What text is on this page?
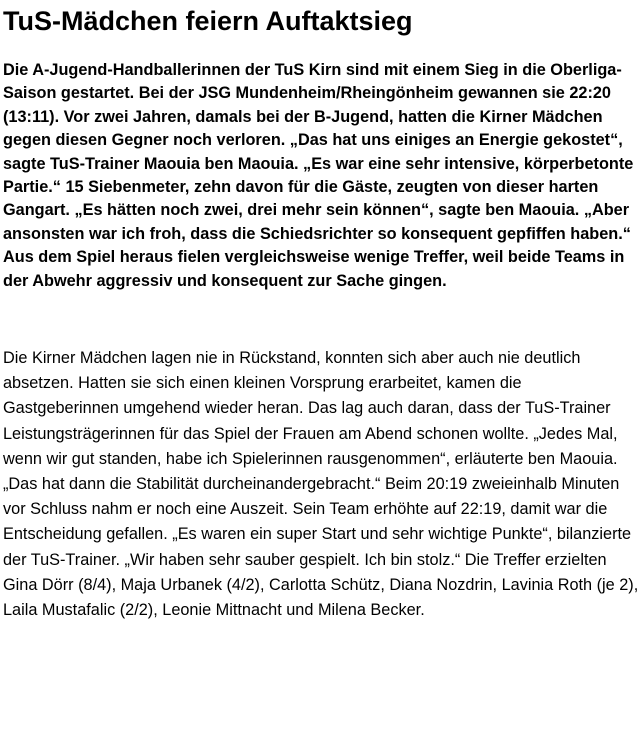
TuS-Mädchen feiern Auftaktsieg

Die A-Jugend-Handballerinnen der TuS Kirn sind mit einem Sieg in die Oberliga-Saison gestartet. Bei der JSG Mundenheim/Rheingönheim gewannen sie 22:20 (13:11). Vor zwei Jahren, damals bei der B-Jugend, hatten die Kirner Mädchen gegen diesen Gegner noch verloren. „Das hat uns einiges an Energie gekostet“, sagte TuS-Trainer Maouia ben Maouia. „Es war eine sehr intensive, körperbetonte Partie.“ 15 Siebenmeter, zehn davon für die Gäste, zeugten von dieser harten Gangart. „Es hätten noch zwei, drei mehr sein können“, sagte ben Maouia. „Aber ansonsten war ich froh, dass die Schiedsrichter so konsequent gepfiffen haben.“ Aus dem Spiel heraus fielen vergleichsweise wenige Treffer, weil beide Teams in der Abwehr aggressiv und konsequent zur Sache gingen.

Die Kirner Mädchen lagen nie in Rückstand, konnten sich aber auch nie deutlich absetzen. Hatten sie sich einen kleinen Vorsprung erarbeitet, kamen die Gastgeberinnen umgehend wieder heran. Das lag auch daran, dass der TuS-Trainer Leistungsträgerinnen für das Spiel der Frauen am Abend schonen wollte. „Jedes Mal, wenn wir gut standen, habe ich Spielerinnen rausgenommen“, erläuterte ben Maouia. „Das hat dann die Stabilität durcheinandergebracht.“ Beim 20:19 zweieinhalb Minuten vor Schluss nahm er noch eine Auszeit. Sein Team erhöhte auf 22:19, damit war die Entscheidung gefallen. „Es waren ein super Start und sehr wichtige Punkte“, bilanzierte der TuS-Trainer. „Wir haben sehr sauber gespielt. Ich bin stolz.“ Die Treffer erzielten Gina Dörr (8/4), Maja Urbanek (4/2), Carlotta Schütz, Diana Nozdrin, Lavinia Roth (je 2), Laila Mustafalic (2/2), Leonie Mittnacht und Milena Becker.
